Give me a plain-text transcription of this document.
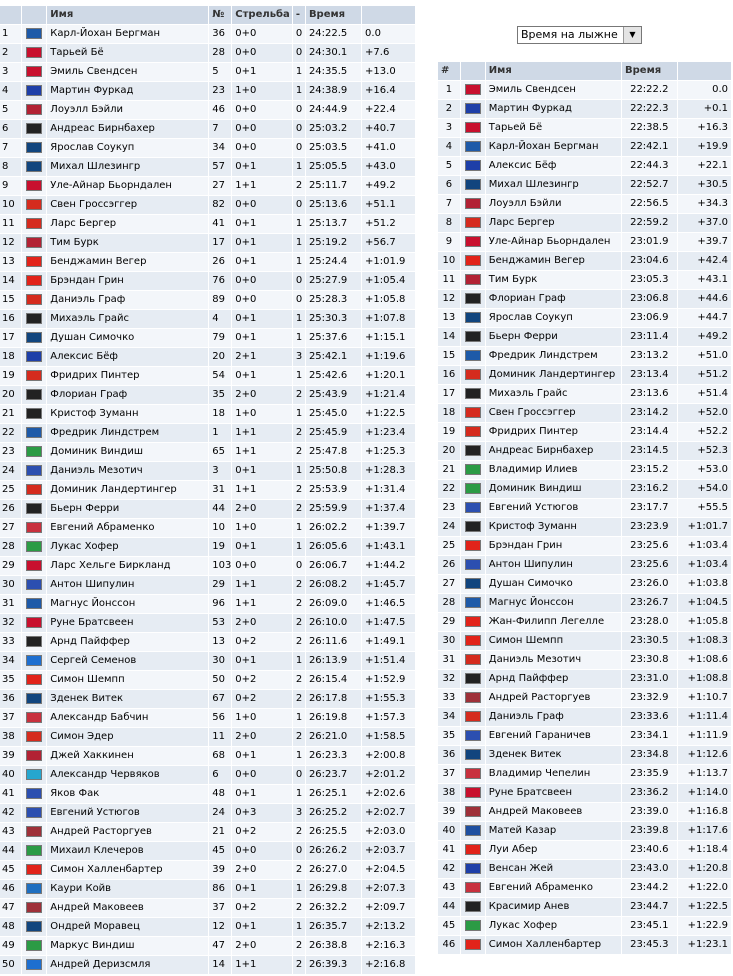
		Имя	№	Стрельба	-	Время	
1		Карл-Йохан Бергман	36	0+0	0	24:22.5	0.0
2		Тарьей Бё	28	0+0	0	24:30.1	+7.6
3		Эмиль Свендсен	5	0+1	1	24:35.5	+13.0
4		Мартин Фуркад	23	1+0	1	24:38.9	+16.4
5		Лоуэлл Бэйли	46	0+0	0	24:44.9	+22.4
6		Андреас Бирнбахер	7	0+0	0	25:03.2	+40.7
7		Ярослав Соукуп	34	0+0	0	25:03.5	+41.0
8		Михал Шлезингр	57	0+1	1	25:05.5	+43.0
9		Уле-Айнар Бьорндален	27	1+1	2	25:11.7	+49.2
10		Свен Гроссэггер	82	0+0	0	25:13.6	+51.1
11		Ларс Бергер	41	0+1	1	25:13.7	+51.2
12		Тим Бурк	17	0+1	1	25:19.2	+56.7
13		Бенджамин Вегер	26	0+1	1	25:24.4	+1:01.9
14		Брэндан Грин	76	0+0	0	25:27.9	+1:05.4
15		Даниэль Граф	89	0+0	0	25:28.3	+1:05.8
16		Михаэль Грайс	4	0+1	1	25:30.3	+1:07.8
17		Душан Симочко	79	0+1	1	25:37.6	+1:15.1
18		Алексис Бёф	20	2+1	3	25:42.1	+1:19.6
19		Фридрих Пинтер	54	0+1	1	25:42.6	+1:20.1
20		Флориан Граф	35	2+0	2	25:43.9	+1:21.4
21		Кристоф Зуманн	18	1+0	1	25:45.0	+1:22.5
22		Фредрик Линдстрем	1	1+1	2	25:45.9	+1:23.4
23		Доминик Виндиш	65	1+1	2	25:47.8	+1:25.3
24		Даниэль Мезотич	3	0+1	1	25:50.8	+1:28.3
25		Доминик Ландертингер	31	1+1	2	25:53.9	+1:31.4
26		Бьерн Ферри	44	2+0	2	25:59.9	+1:37.4
27		Евгений Абраменко	10	1+0	1	26:02.2	+1:39.7
28		Лукас Хофер	19	0+1	1	26:05.6	+1:43.1
29		Ларс Хельге Биркланд	103	0+0	0	26:06.7	+1:44.2
30		Антон Шипулин	29	1+1	2	26:08.2	+1:45.7
31		Магнус Йонссон	96	1+1	2	26:09.0	+1:46.5
32		Руне Братсвеен	53	2+0	2	26:10.0	+1:47.5
33		Арнд Пайффер	13	0+2	2	26:11.6	+1:49.1
34		Сергей Семенов	30	0+1	1	26:13.9	+1:51.4
35		Симон Шемпп	50	0+2	2	26:15.4	+1:52.9
36		Зденек Витек	67	0+2	2	26:17.8	+1:55.3
37		Александр Бабчин	56	1+0	1	26:19.8	+1:57.3
38		Симон Эдер	11	2+0	2	26:21.0	+1:58.5
39		Джей Хаккинен	68	0+1	1	26:23.3	+2:00.8
40		Александр Червяков	6	0+0	0	26:23.7	+2:01.2
41		Яков Фак	48	0+1	1	26:25.1	+2:02.6
42		Евгений Устюгов	24	0+3	3	26:25.2	+2:02.7
43		Андрей Расторгуев	21	0+2	2	26:25.5	+2:03.0
44		Михаил Клечеров	45	0+0	0	26:26.2	+2:03.7
45		Симон Халленбартер	39	2+0	2	26:27.0	+2:04.5
46		Каури Койв	86	0+1	1	26:29.8	+2:07.3
47		Андрей Маковеев	37	0+2	2	26:32.2	+2:09.7
48		Ондрей Моравец	12	0+1	1	26:35.7	+2:13.2
49		Маркус Виндиш	47	2+0	2	26:38.8	+2:16.3
50		Андрей Деризсмля	14	1+1	2	26:39.3	+2:16.8
Время на лыжне	▼
#		Имя	Время	
1		Эмиль Свендсен	22:22.2	0.0
2		Мартин Фуркад	22:22.3	+0.1
3		Тарьей Бё	22:38.5	+16.3
4		Карл-Йохан Бергман	22:42.1	+19.9
5		Алексис Бёф	22:44.3	+22.1
6		Михал Шлезингр	22:52.7	+30.5
7		Лоуэлл Бэйли	22:56.5	+34.3
8		Ларс Бергер	22:59.2	+37.0
9		Уле-Айнар Бьорндален	23:01.9	+39.7
10		Бенджамин Вегер	23:04.6	+42.4
11		Тим Бурк	23:05.3	+43.1
12		Флориан Граф	23:06.8	+44.6
13		Ярослав Соукуп	23:06.9	+44.7
14		Бьерн Ферри	23:11.4	+49.2
15		Фредрик Линдстрем	23:13.2	+51.0
16		Доминик Ландертингер	23:13.4	+51.2
17		Михаэль Грайс	23:13.6	+51.4
18		Свен Гроссэггер	23:14.2	+52.0
19		Фридрих Пинтер	23:14.4	+52.2
20		Андреас Бирнбахер	23:14.5	+52.3
21		Владимир Илиев	23:15.2	+53.0
22		Доминик Виндиш	23:16.2	+54.0
23		Евгений Устюгов	23:17.7	+55.5
24		Кристоф Зуманн	23:23.9	+1:01.7
25		Брэндан Грин	23:25.6	+1:03.4
26		Антон Шипулин	23:25.6	+1:03.4
27		Душан Симочко	23:26.0	+1:03.8
28		Магнус Йонссон	23:26.7	+1:04.5
29		Жан-Филипп Легелле	23:28.0	+1:05.8
30		Симон Шемпп	23:30.5	+1:08.3
31		Даниэль Мезотич	23:30.8	+1:08.6
32		Арнд Пайффер	23:31.0	+1:08.8
33		Андрей Расторгуев	23:32.9	+1:10.7
34		Даниэль Граф	23:33.6	+1:11.4
35		Евгений Гараничев	23:34.1	+1:11.9
36		Зденек Витек	23:34.8	+1:12.6
37		Владимир Чепелин	23:35.9	+1:13.7
38		Руне Братсвеен	23:36.2	+1:14.0
39		Андрей Маковеев	23:39.0	+1:16.8
40		Матей Казар	23:39.8	+1:17.6
41		Луи Абер	23:40.6	+1:18.4
42		Венсан Жей	23:43.0	+1:20.8
43		Евгений Абраменко	23:44.2	+1:22.0
44		Красимир Анев	23:44.7	+1:22.5
45		Лукас Хофер	23:45.1	+1:22.9
46		Симон Халленбартер	23:45.3	+1:23.1
